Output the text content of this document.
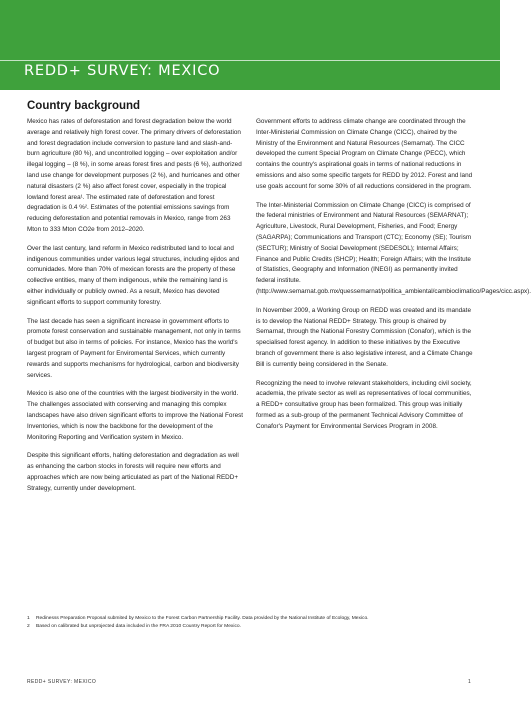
REDD+ SURVEY: MEXICO
Country background

Mexico has rates of deforestation and forest degradation below the world average and relatively high forest cover. The primary drivers of deforestation and forest degradation include conversion to pasture land and slash-and-burn agriculture (80 %), and uncontrolled logging – over exploitation and/or illegal logging – (8 %), in some areas forest fires and pests (6 %), authorized land use change for development purposes (2 %), and hurricanes and other natural disasters (2 %) also affect forest cover, especially in the tropical lowland forest area¹. The estimated rate of deforestation and forest degradation is 0.4 %². Estimates of the potential emissions savings from reducing deforestation and potential removals in Mexico, range from 263 Mton to 333 Mton CO2e from 2012–2020.

Over the last century, land reform in Mexico redistributed land to local and indigenous communities under various legal structures, including ejidos and comunidades. More than 70% of mexican forests are the property of these collective entities, many of them indigenous, while the remaining land is either individually or publicly owned. As a result, Mexico has devoted significant efforts to support community forestry.

The last decade has seen a significant increase in government efforts to promote forest conservation and sustainable management, not only in terms of budget but also in terms of policies. For instance, Mexico has the world's largest program of Payment for Enviromental Services, which currently rewards and supports mechanisms for hydrological, carbon and biodiversity services.

Mexico is also one of the countries with the largest biodiversity in the world. The challenges associated with conserving and managing this complex landscapes have also driven significant efforts to improve the National Forest Inventories, which is now the backbone for the development of the Monitoring Reporting and Verification system in Mexico.

Despite this significant efforts, halting deforestation and degradation as well as enhancing the carbon stocks in forests will require new efforts and approaches which are now being articulated as part of the National REDD+ Strategy, currently under development.

Government efforts to address climate change are coordinated through the Inter-Ministerial Commission on Climate Change (CICC), chaired by the Ministry of the Environment and Natural Resources (Semarnat). The CICC developed the current Special Program on Climate Change (PECC), which contains the country's aspirational goals in terms of national reductions in emissions and also some specific targets for REDD by 2012. Forest and land use goals account for some 30% of all reductions considered in the program.

The Inter-Ministerial Commission on Climate Change (CICC) is comprised of the federal ministries of Environment and Natural Resources (SEMARNAT); Agriculture, Livestock, Rural Development, Fisheries, and Food; Energy (SAGARPA); Communications and Transport (CTC); Economy (SE); Tourism (SECTUR); Ministry of Social Development (SEDESOL); Internal Affairs; Finance and Public Credits (SHCP); Health; Foreign Affairs; with the Institute of Statistics, Geography and Information (INEGI) as permanently invited federal institute. (http://www.semarnat.gob.mx/quessemarnat/politica_ambiental/cambioclimatico/Pages/cicc.aspx).

In November 2009, a Working Group on REDD was created and its mandate is to develop the National REDD+ Strategy. This group is chaired by Semarnat, through the National Forestry Commission (Conafor), which is the specialised forest agency. In addition to these initiatives by the Executive branch of government there is also legislative interest, and a Climate Change Bill is currently being considered in the Senate.

Recognizing the need to involve relevant stakeholders, including civil society, academia, the private sector as well as representatives of local communities, a REDD+ consultative group has been formalized. This group was initially formed as a sub-group of the permanent Technical Advisory Committee of Conafor's Payment for Environmental Services Program in 2008.

1 Redinesss Preparation Proposal submited by Mexico to the Forest Carbon Partnership Facility. Data provided by the National Institute of Ecology, Mexico.
2 Based on calibrated but unprojected data included in the FRA 2010 Country Report for Mexico.
REDD+ SURVEY: MEXICO	1
